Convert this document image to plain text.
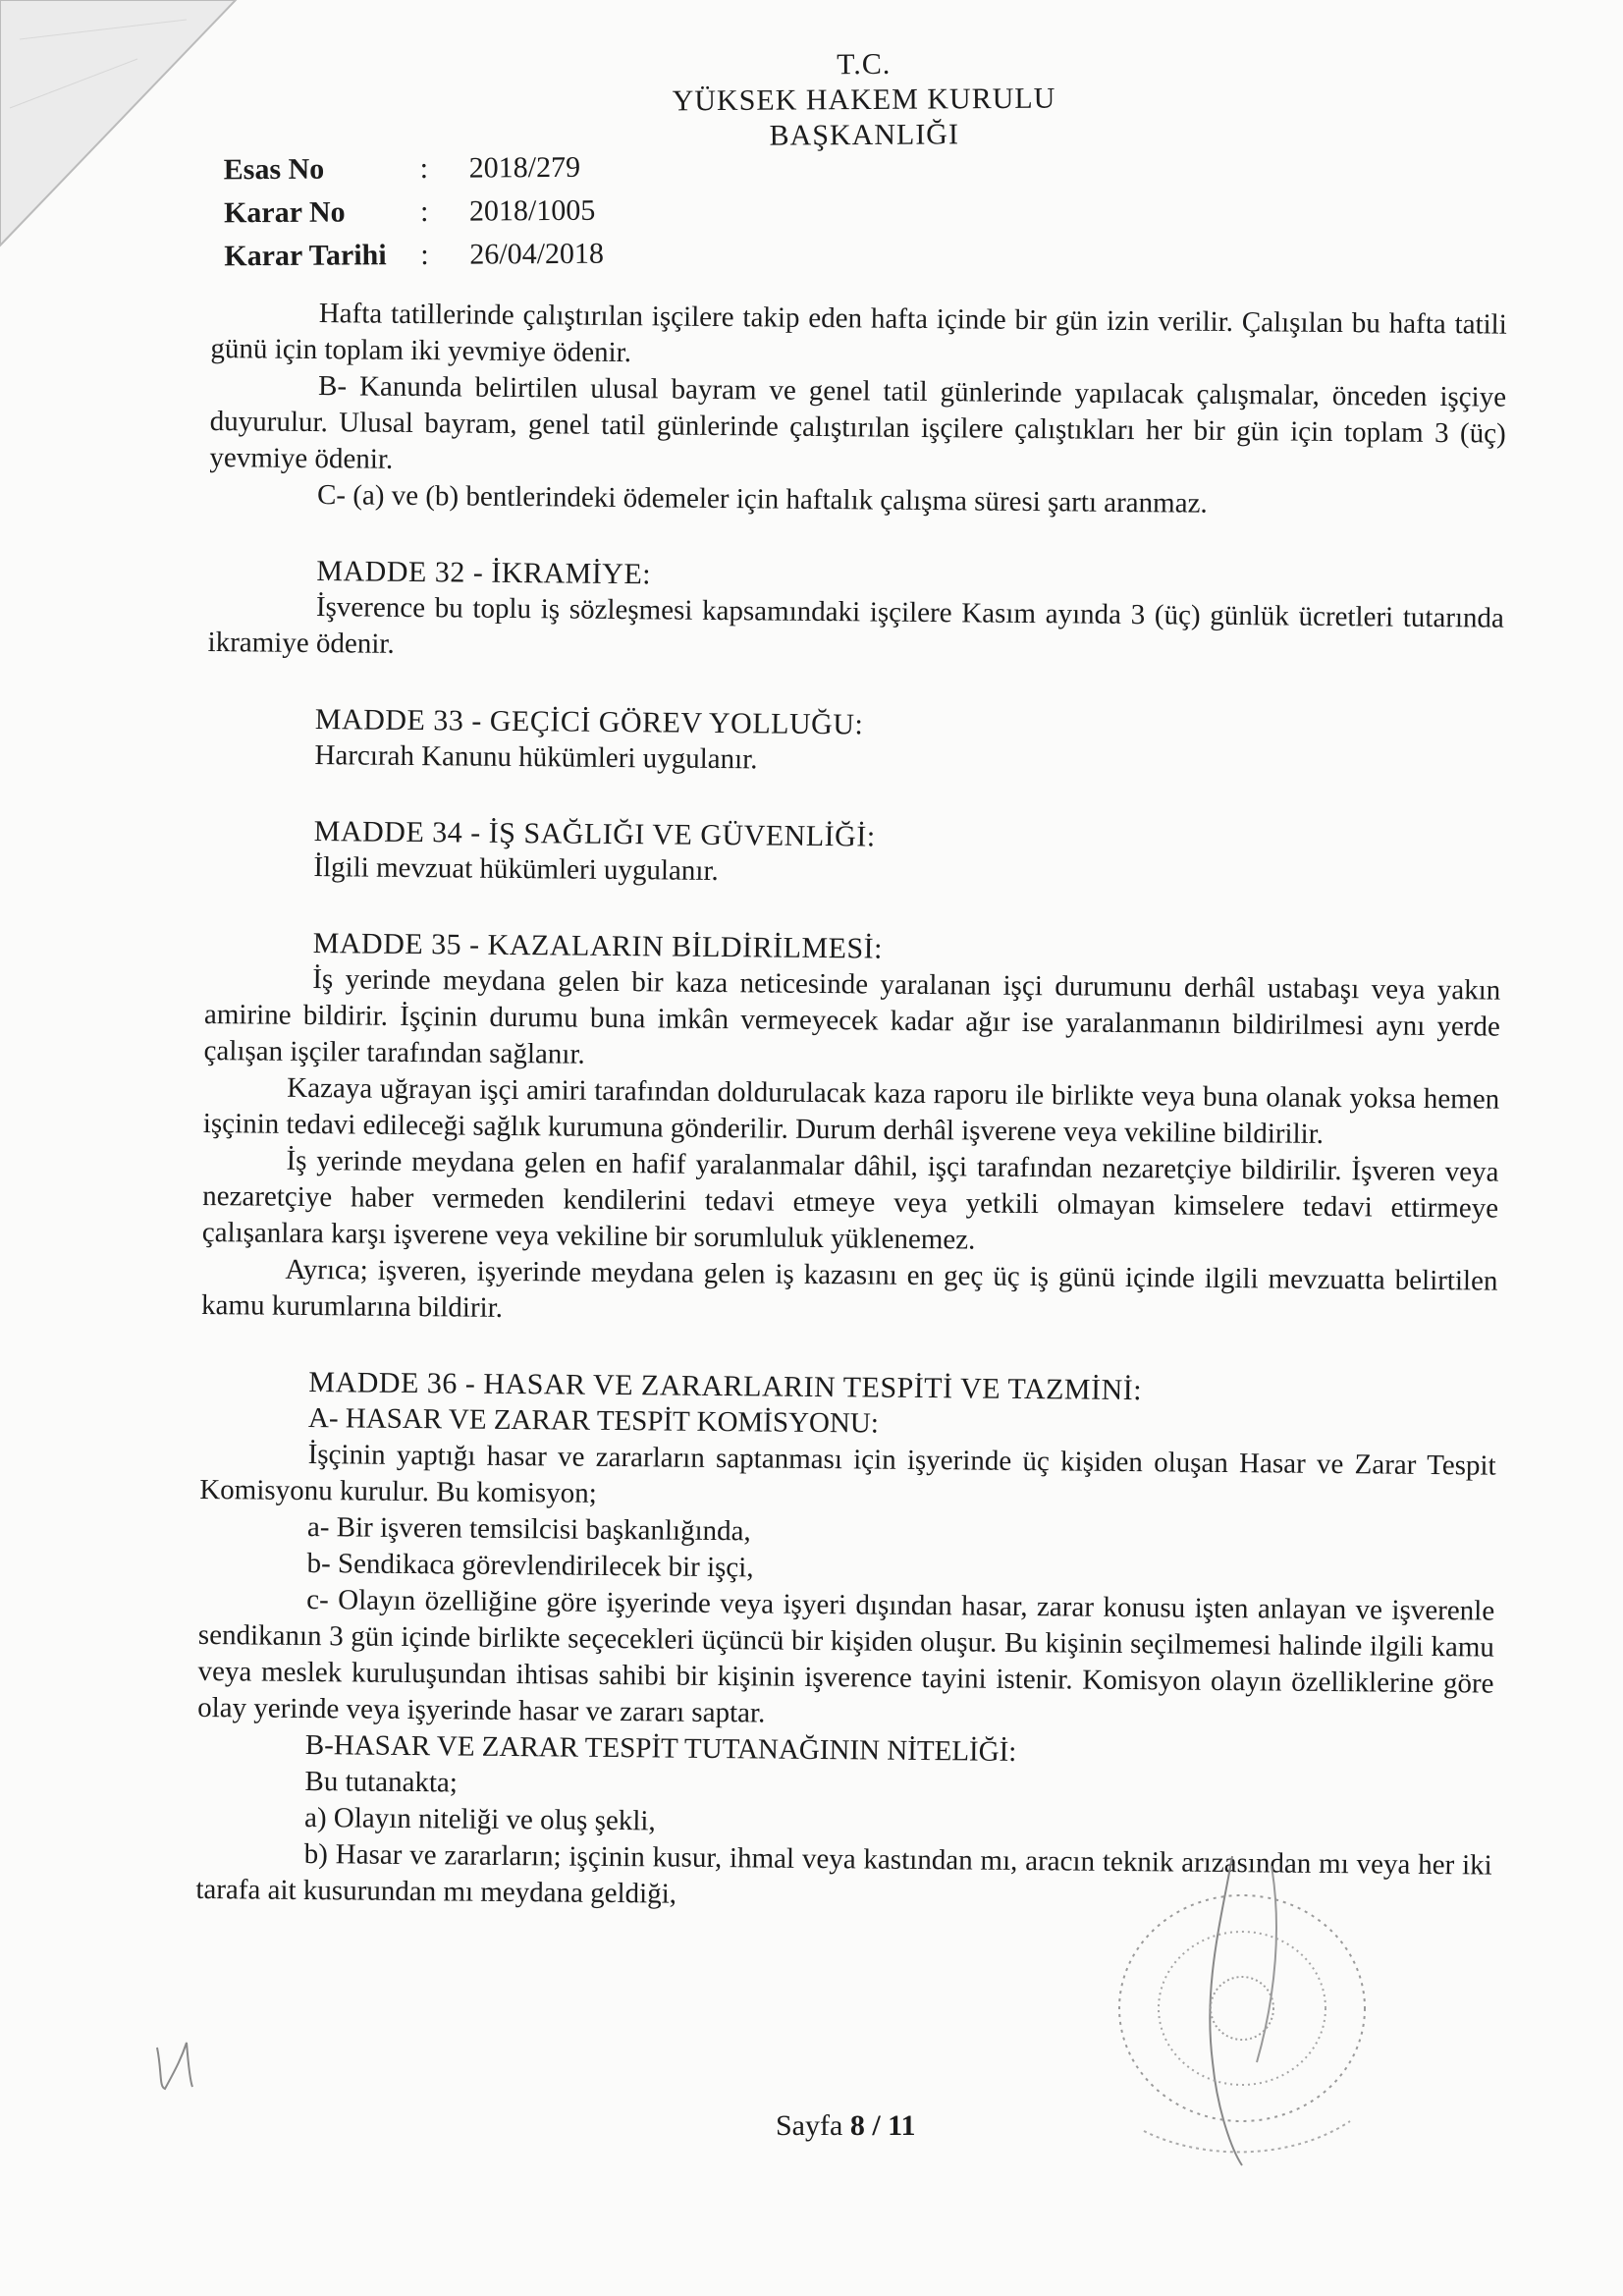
T.C.
YÜKSEK HAKEM KURULU
BAŞKANLIĞI
Esas No	:	2018/279
Karar No	:	2018/1005
Karar Tarihi	:	26/04/2018

Hafta tatillerinde çalıştırılan işçilere takip eden hafta içinde bir gün izin verilir. Çalışılan bu hafta tatili günü için toplam iki yevmiye ödenir.

B- Kanunda belirtilen ulusal bayram ve genel tatil günlerinde yapılacak çalışmalar, önceden işçiye duyurulur. Ulusal bayram, genel tatil günlerinde çalıştırılan işçilere çalıştıkları her bir gün için toplam 3 (üç) yevmiye ödenir.

C- (a) ve (b) bentlerindeki ödemeler için haftalık çalışma süresi şartı aranmaz.

MADDE 32 - İKRAMİYE:

İşverence bu toplu iş sözleşmesi kapsamındaki işçilere Kasım ayında 3 (üç) günlük ücretleri tutarında ikramiye ödenir.

MADDE 33 - GEÇİCİ GÖREV YOLLUĞU:

Harcırah Kanunu hükümleri uygulanır.

MADDE 34 - İŞ SAĞLIĞI VE GÜVENLİĞİ:

İlgili mevzuat hükümleri uygulanır.

MADDE 35 - KAZALARIN BİLDİRİLMESİ:

İş yerinde meydana gelen bir kaza neticesinde yaralanan işçi durumunu derhâl ustabaşı veya yakın amirine bildirir. İşçinin durumu buna imkân vermeyecek kadar ağır ise yaralanmanın bildirilmesi aynı yerde çalışan işçiler tarafından sağlanır.

Kazaya uğrayan işçi amiri tarafından doldurulacak kaza raporu ile birlikte veya buna olanak yoksa hemen işçinin tedavi edileceği sağlık kurumuna gönderilir. Durum derhâl işverene veya vekiline bildirilir.

İş yerinde meydana gelen en hafif yaralanmalar dâhil, işçi tarafından nezaretçiye bildirilir. İşveren veya nezaretçiye haber vermeden kendilerini tedavi etmeye veya yetkili olmayan kimselere tedavi ettirmeye çalışanlara karşı işverene veya vekiline bir sorumluluk yüklenemez.

Ayrıca; işveren, işyerinde meydana gelen iş kazasını en geç üç iş günü içinde ilgili mevzuatta belirtilen kamu kurumlarına bildirir.

MADDE 36 - HASAR VE ZARARLARIN TESPİTİ VE TAZMİNİ:

A- HASAR VE ZARAR TESPİT KOMİSYONU:

İşçinin yaptığı hasar ve zararların saptanması için işyerinde üç kişiden oluşan Hasar ve Zarar Tespit Komisyonu kurulur. Bu komisyon;

a- Bir işveren temsilcisi başkanlığında,

b- Sendikaca görevlendirilecek bir işçi,

c- Olayın özelliğine göre işyerinde veya işyeri dışından hasar, zarar konusu işten anlayan ve işverenle sendikanın 3 gün içinde birlikte seçecekleri üçüncü bir kişiden oluşur. Bu kişinin seçilmemesi halinde ilgili kamu veya meslek kuruluşundan ihtisas sahibi bir kişinin işverence tayini istenir. Komisyon olayın özelliklerine göre olay yerinde veya işyerinde hasar ve zararı saptar.

B-HASAR VE ZARAR TESPİT TUTANAĞININ NİTELİĞİ:

Bu tutanakta;

a) Olayın niteliği ve oluş şekli,

b) Hasar ve zararların; işçinin kusur, ihmal veya kastından mı, aracın teknik arızasından mı veya her iki tarafa ait kusurundan mı meydana geldiği,

Sayfa 8 / 11
